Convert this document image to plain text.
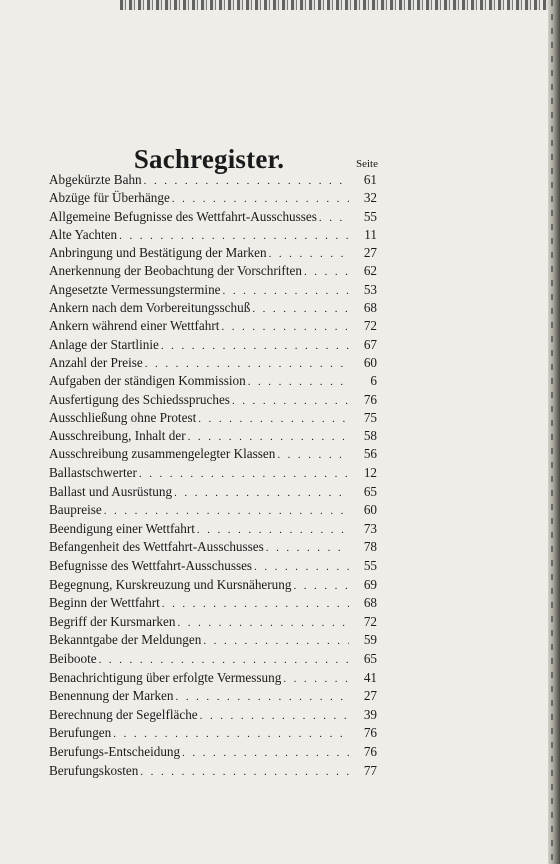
Sachregister.	Seite
Abgekürzte Bahn . . .	61
Abzüge für Überhänge . . .	32
Allgemeine Befugnisse des Wettfahrt-Ausschusses . . .	55
Alte Yachten . . .	11
Anbringung und Bestätigung der Marken . . .	27
Anerkennung der Beobachtung der Vorschriften . . .	62
Angesetzte Vermessungstermine . . .	53
Ankern nach dem Vorbereitungsschuß . . .	68
Ankern während einer Wettfahrt . . .	72
Anlage der Startlinie . . .	67
Anzahl der Preise . . .	60
Aufgaben der ständigen Kommission . . .	6
Ausfertigung des Schiedsspruches . . .	76
Ausschließung ohne Protest . . .	75
Ausschreibung, Inhalt der . . .	58
Ausschreibung zusammengelegter Klassen . . .	56
Ballastschwerter . . .	12
Ballast und Ausrüstung . . .	65
Baupreise . . .	60
Beendigung einer Wettfahrt . . .	73
Befangenheit des Wettfahrt-Ausschusses . . .	78
Befugnisse des Wettfahrt-Ausschusses . . .	55
Begegnung, Kurskreuzung und Kursnäherung . . .	69
Beginn der Wettfahrt . . .	68
Begriff der Kursmarken . . .	72
Bekanntgabe der Meldungen . . .	59
Beiboote . . .	65
Benachrichtigung über erfolgte Vermessung . . .	41
Benennung der Marken . . .	27
Berechnung der Segelfläche . . .	39
Berufungen . . .	76
Berufungs-Entscheidung . . .	76
Berufungskosten . . .	77
